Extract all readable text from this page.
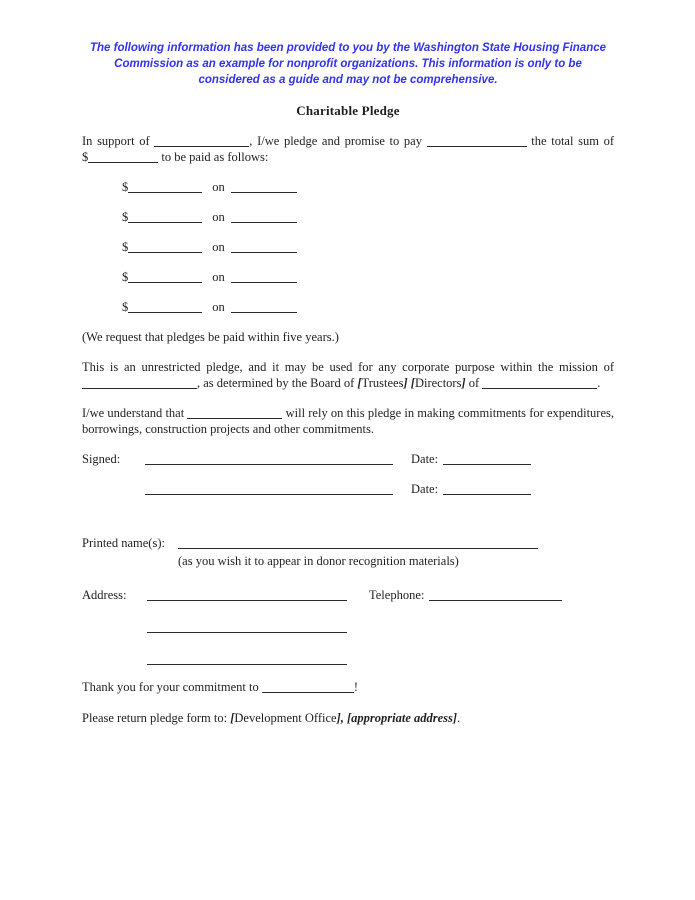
The following information has been provided to you by the Washington State Housing Finance Commission as an example for nonprofit organizations. This information is only to be considered as a guide and may not be comprehensive.

Charitable Pledge

In support of	, I/we pledge and promise to pay	the total sum of $	to be paid as follows:

$	on
$	on
$	on
$	on
$	on

(We request that pledges be paid within five years.)

This is an unrestricted pledge, and it may be used for any corporate purpose within the mission of , as determined by the Board of [Trustees] [Directors] of	.

I/we understand that	will rely on this pledge in making commitments for expenditures, borrowings, construction projects and other commitments.

Signed:	Date:
Date:
Printed name(s):
(as you wish it to appear in donor recognition materials)
Address:	Telephone:

Thank you for your commitment to	!

Please return pledge form to: [Development Office], [appropriate address].
